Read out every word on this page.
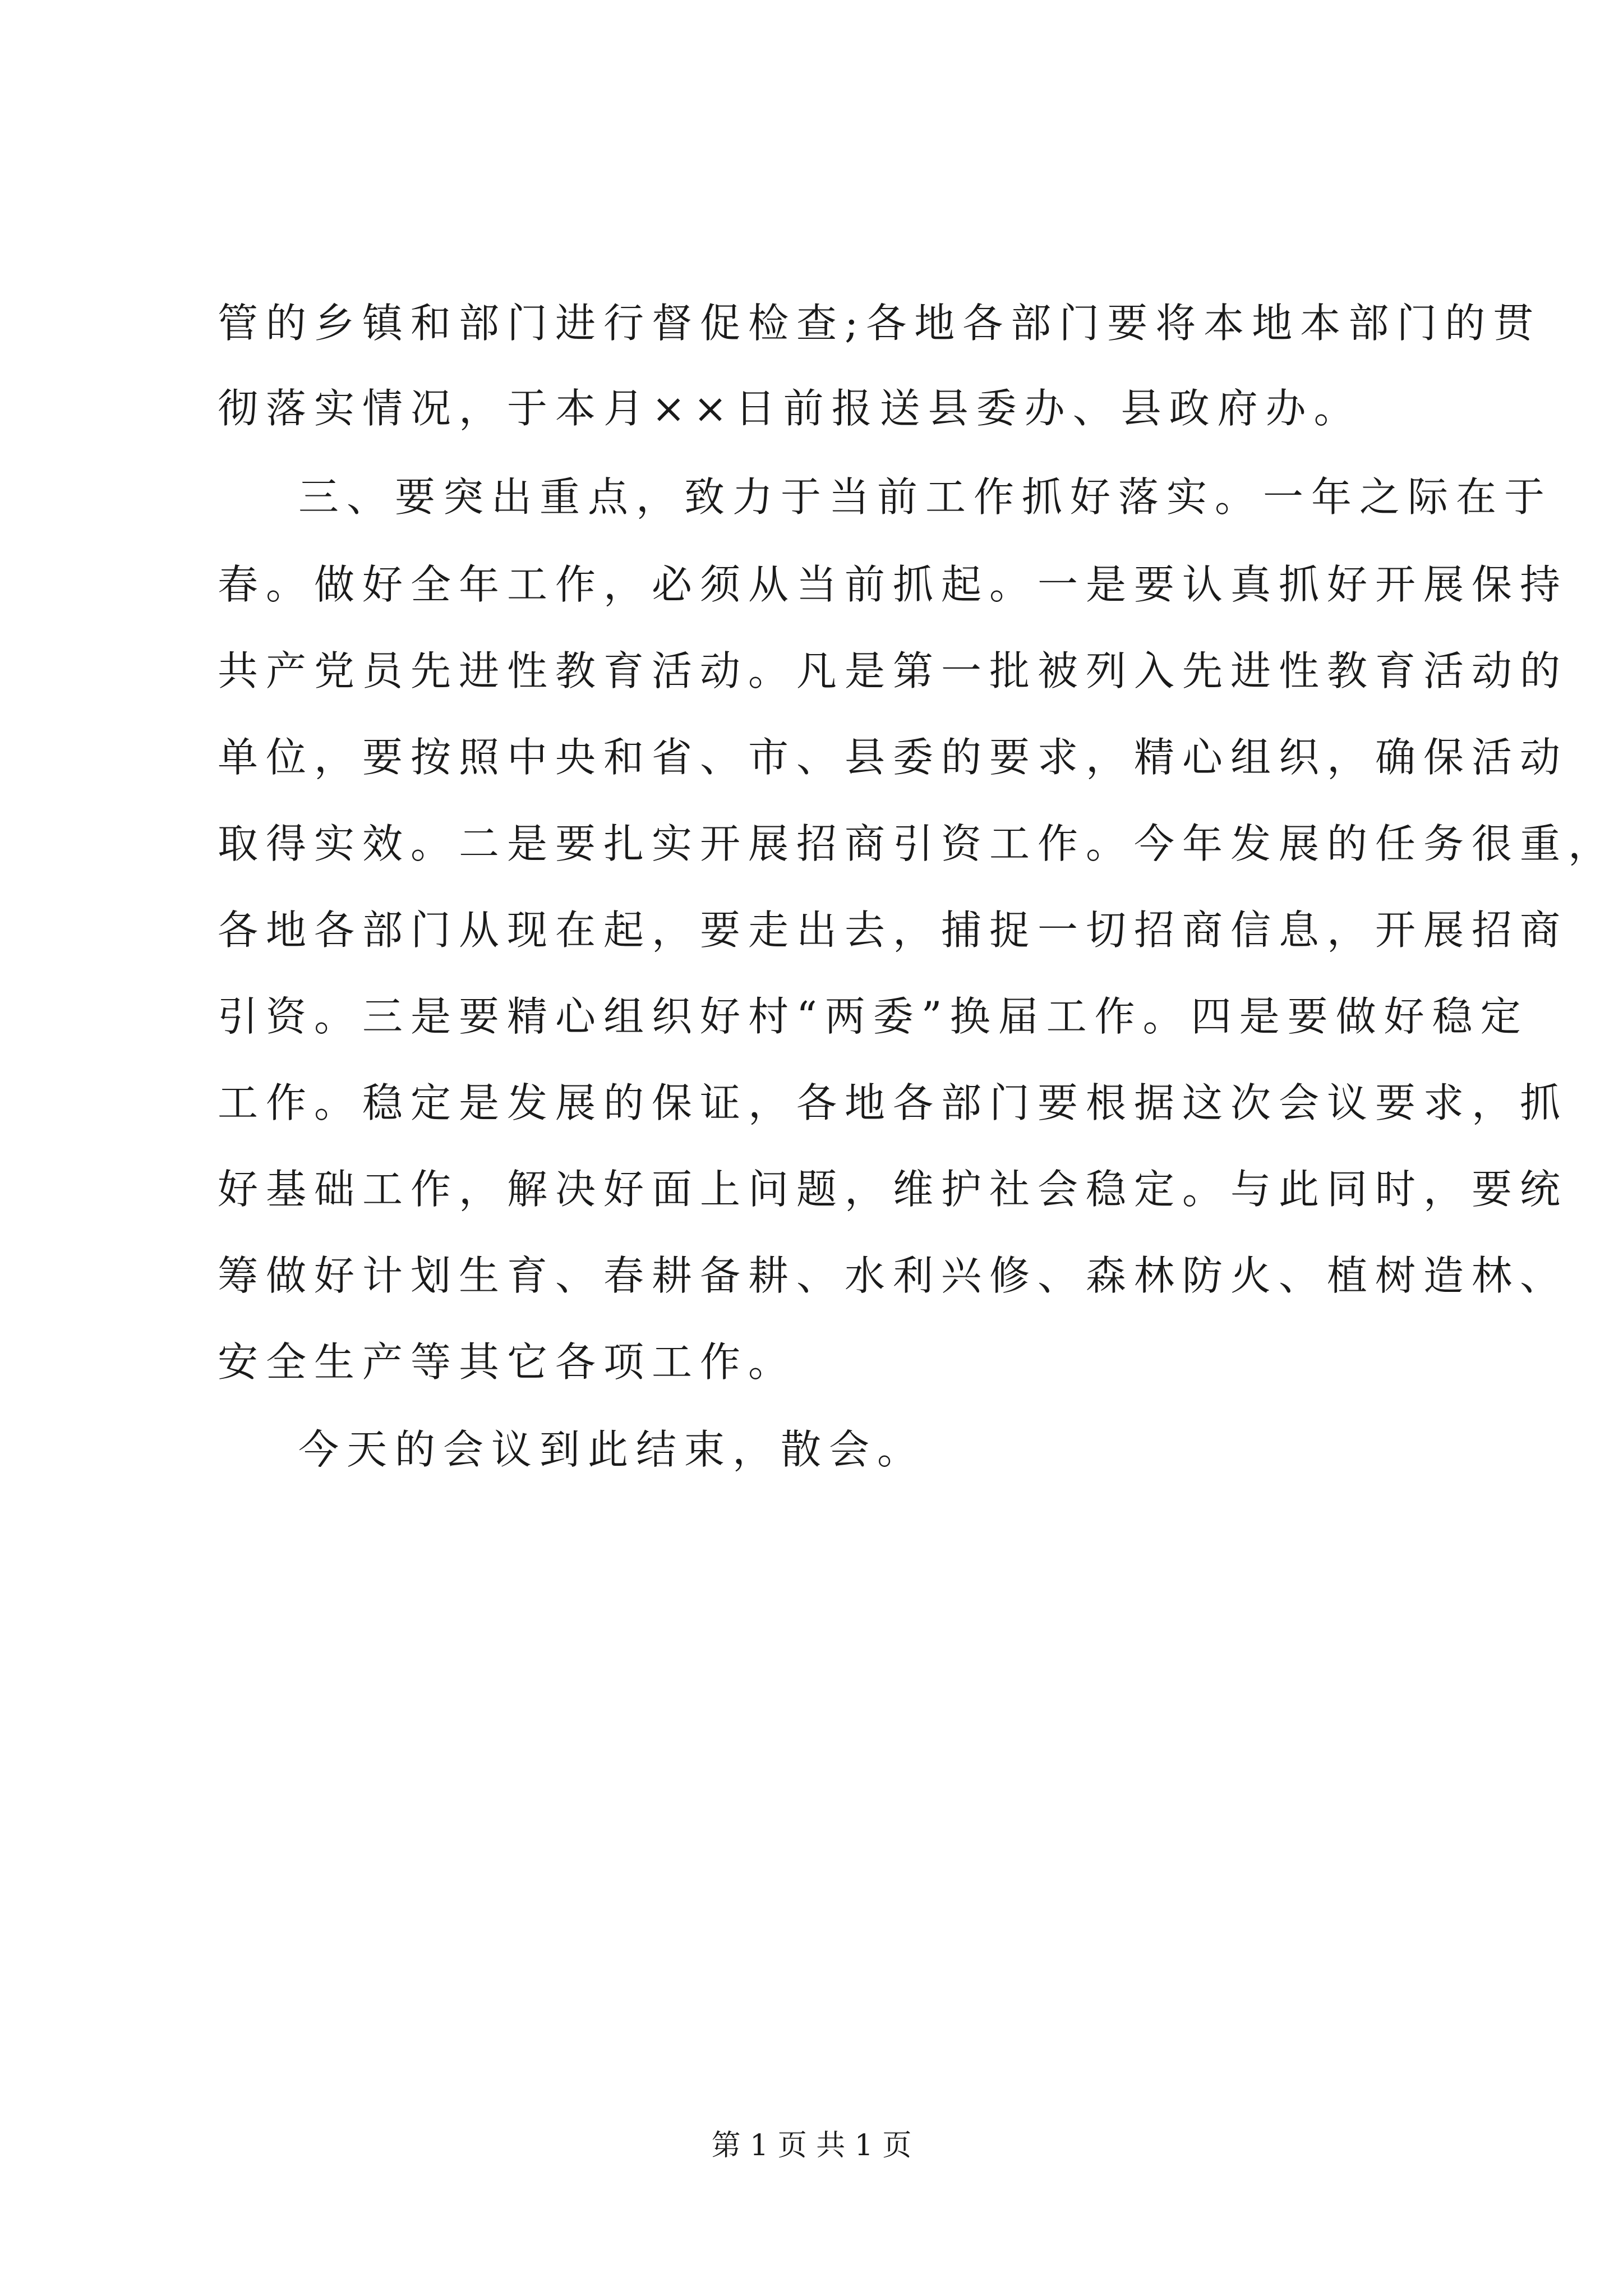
管的乡镇和部门进行督促检查;各地各部门要将本地本部门的贯
彻落实情况，于本月××日前报送县委办、县政府办。
三、要突出重点，致力于当前工作抓好落实。一年之际在于
春。做好全年工作，必须从当前抓起。一是要认真抓好开展保持
共产党员先进性教育活动。凡是第一批被列入先进性教育活动的
单位，要按照中央和省、市、县委的要求，精心组织，确保活动
取得实效。二是要扎实开展招商引资工作。今年发展的任务很重，
各地各部门从现在起，要走出去，捕捉一切招商信息，开展招商
引资。三是要精心组织好村“两委”换届工作。四是要做好稳定
工作。稳定是发展的保证，各地各部门要根据这次会议要求，抓
好基础工作，解决好面上问题，维护社会稳定。与此同时，要统
筹做好计划生育、春耕备耕、水利兴修、森林防火、植树造林、
安全生产等其它各项工作。
今天的会议到此结束，散会。
第 1 页 共 1 页
